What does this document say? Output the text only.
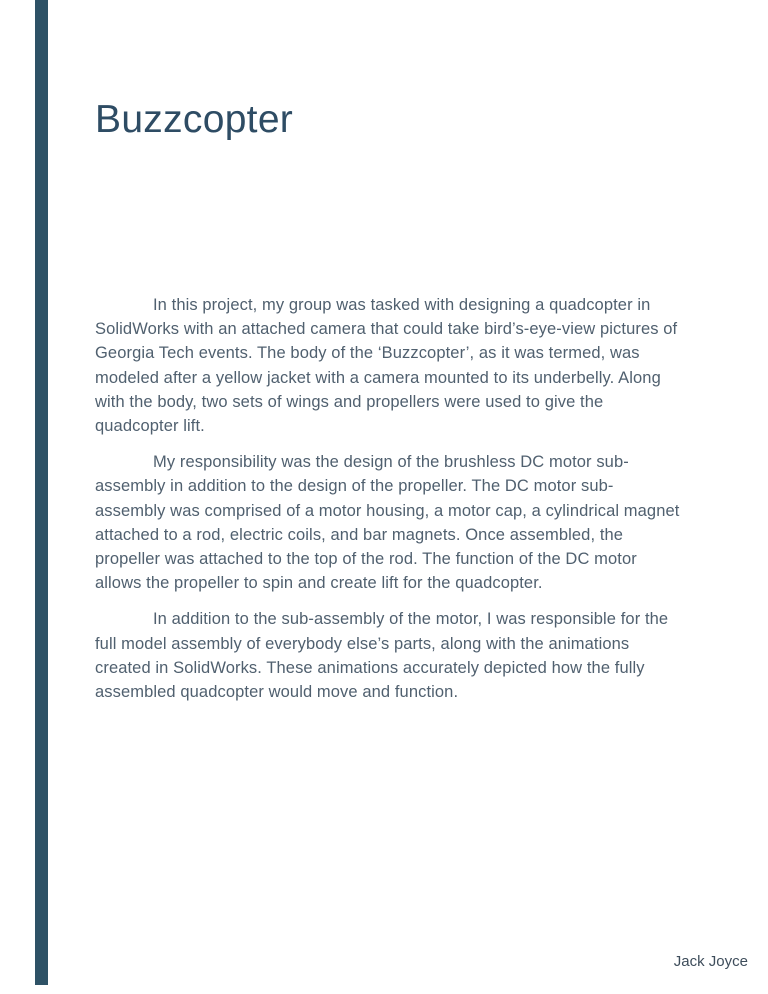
Buzzcopter

In this project, my group was tasked with designing a quadcopter in SolidWorks with an attached camera that could take bird’s-eye-view pictures of Georgia Tech events. The body of the ‘Buzzcopter’, as it was termed, was modeled after a yellow jacket with a camera mounted to its underbelly. Along with the body, two sets of wings and propellers were used to give the quadcopter lift.

My responsibility was the design of the brushless DC motor sub-assembly in addition to the design of the propeller. The DC motor sub-assembly was comprised of a motor housing, a motor cap, a cylindrical magnet attached to a rod, electric coils, and bar magnets. Once assembled, the propeller was attached to the top of the rod. The function of the DC motor allows the propeller to spin and create lift for the quadcopter.

In addition to the sub-assembly of the motor, I was responsible for the full model assembly of everybody else’s parts, along with the animations created in SolidWorks. These animations accurately depicted how the fully assembled quadcopter would move and function.

Jack Joyce
